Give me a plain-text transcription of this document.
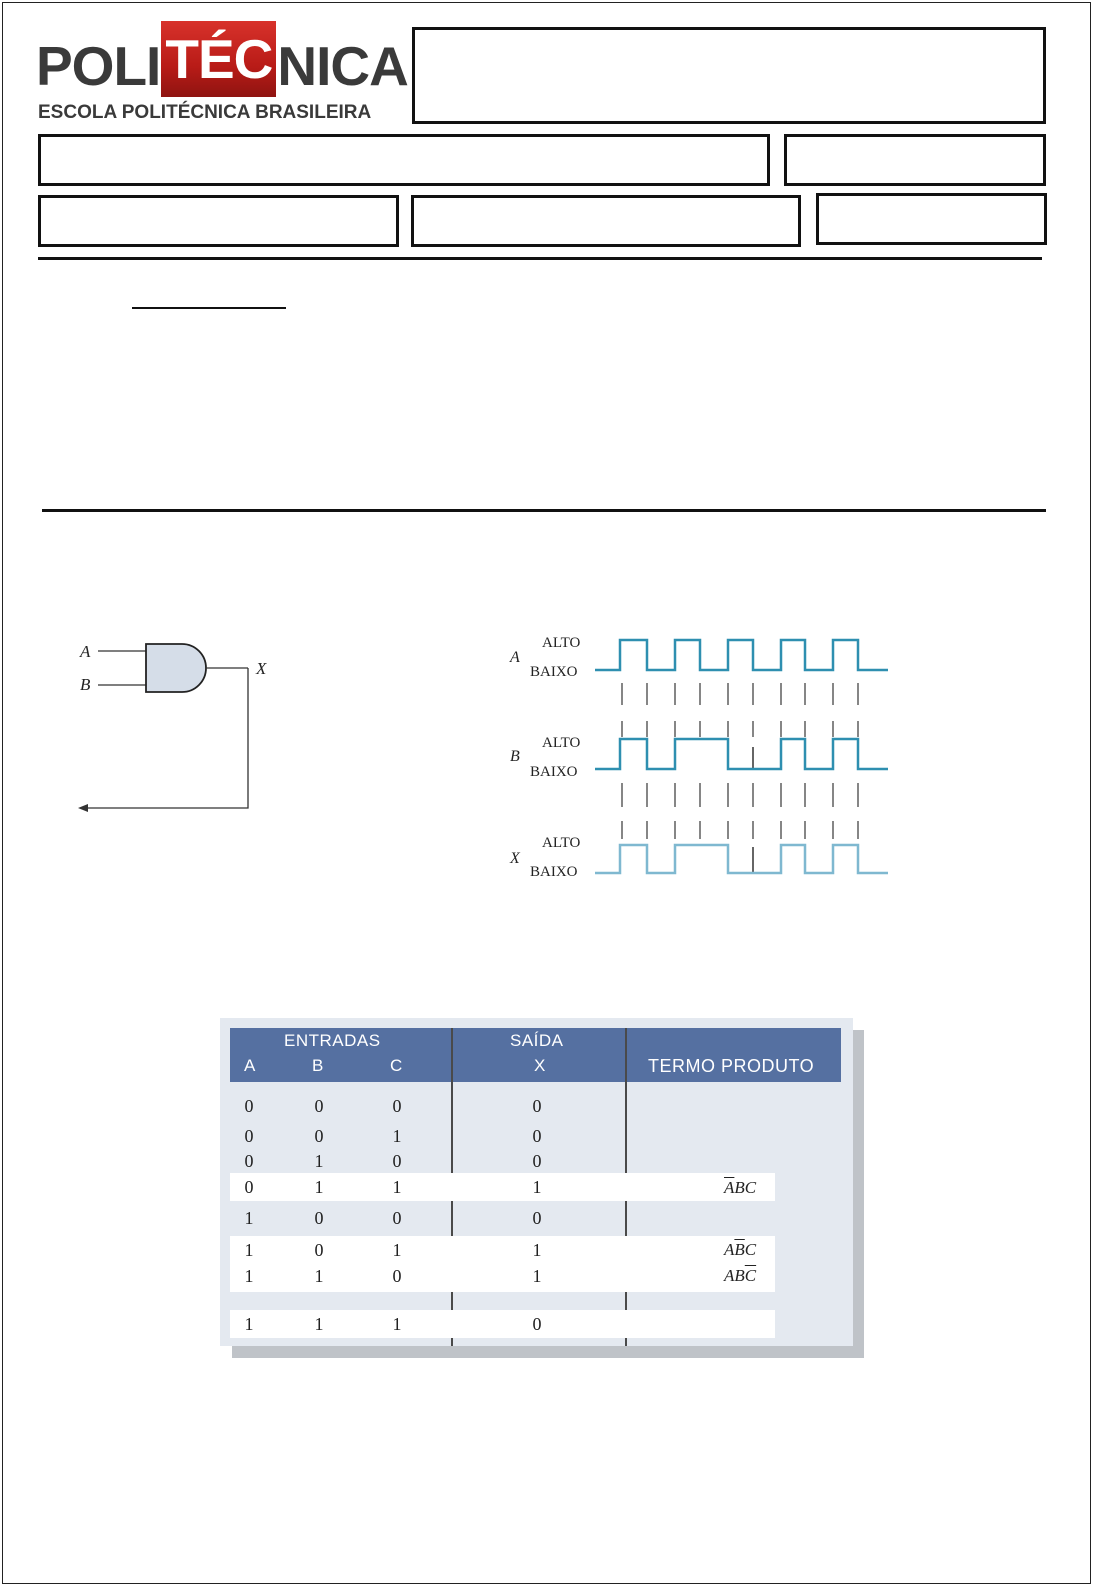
POLI TÉC NICA
ESCOLA POLITÉCNICA BRASILEIRA
A
B
X
A
ALTO
BAIXO
B
ALTO
BAIXO
X
ALTO
BAIXO
ENTRADAS	SAÍDA
A	B	C	X	TERMO PRODUTO
0	0	0	0
0	0	1	0
0	1	0	0
0	1	1	1	$\overline{A}BC$
1	0	0	0
1	0	1	1	$A\overline{B}C$
1	1	0	1	$AB\overline{C}$
1	1	1	0
